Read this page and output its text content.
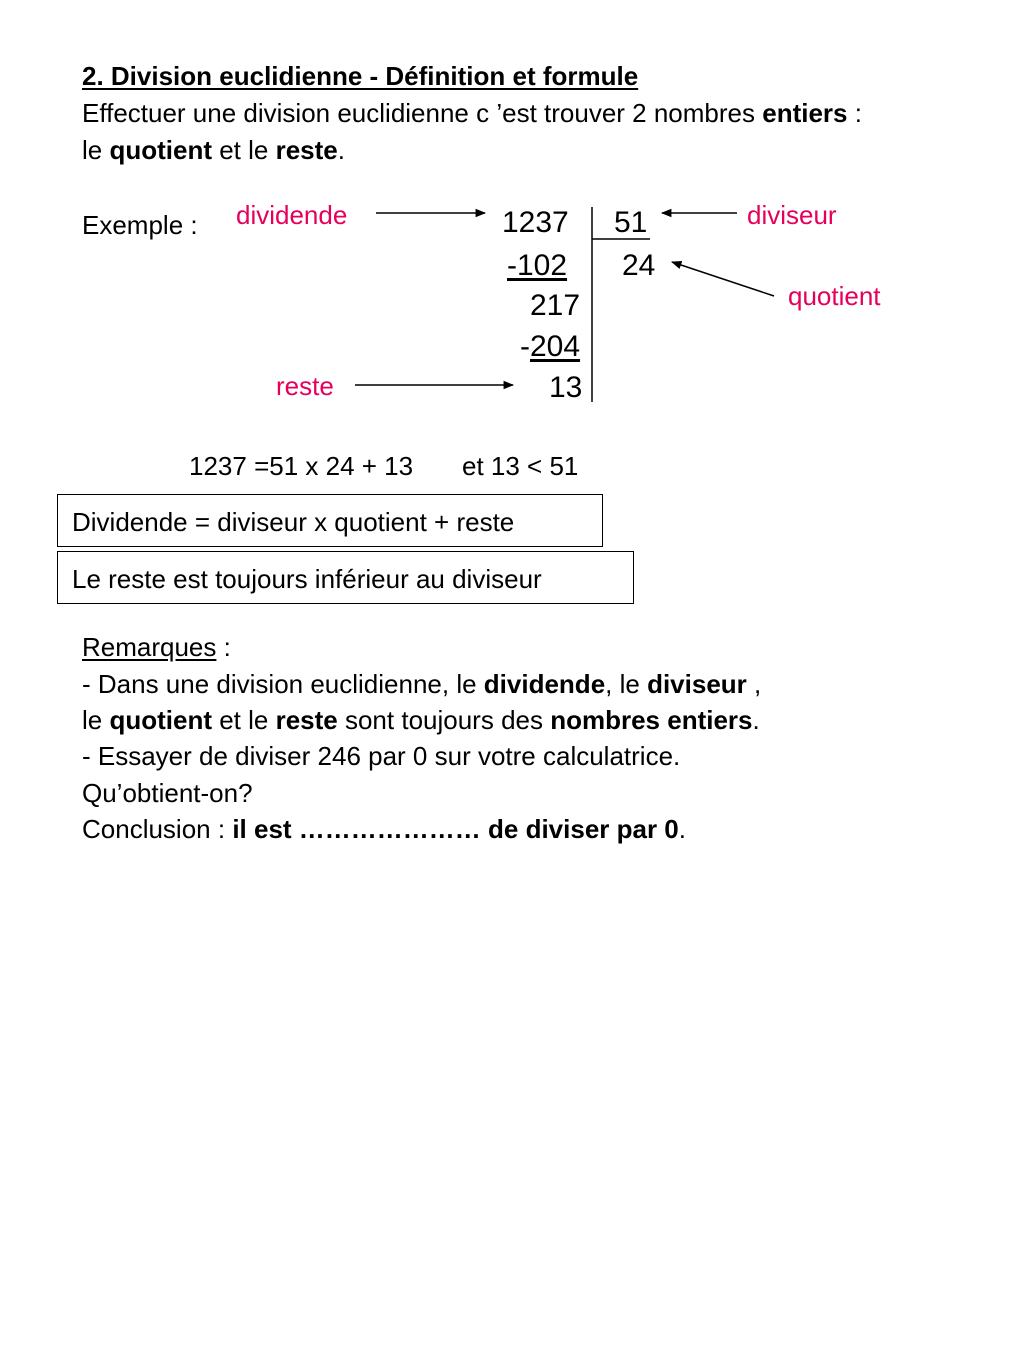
2. Division euclidienne - Définition et formule
Effectuer une division euclidienne c ’est trouver 2 nombres entiers :
le quotient et le reste.
Exemple : dividende	diviseur
quotient
reste
1237 51
24
-102
217
-204
13
1237 =51 x 24 + 13 et 13 < 51
Dividende = diviseur x quotient + reste
Le reste est toujours inférieur au diviseur
Remarques :
- Dans une division euclidienne, le dividende, le diviseur ,
le quotient et le reste sont toujours des nombres entiers.
- Essayer de diviser 246 par 0 sur votre calculatrice.
Qu’obtient-on?
Conclusion : il est ………………… de diviser par 0.
